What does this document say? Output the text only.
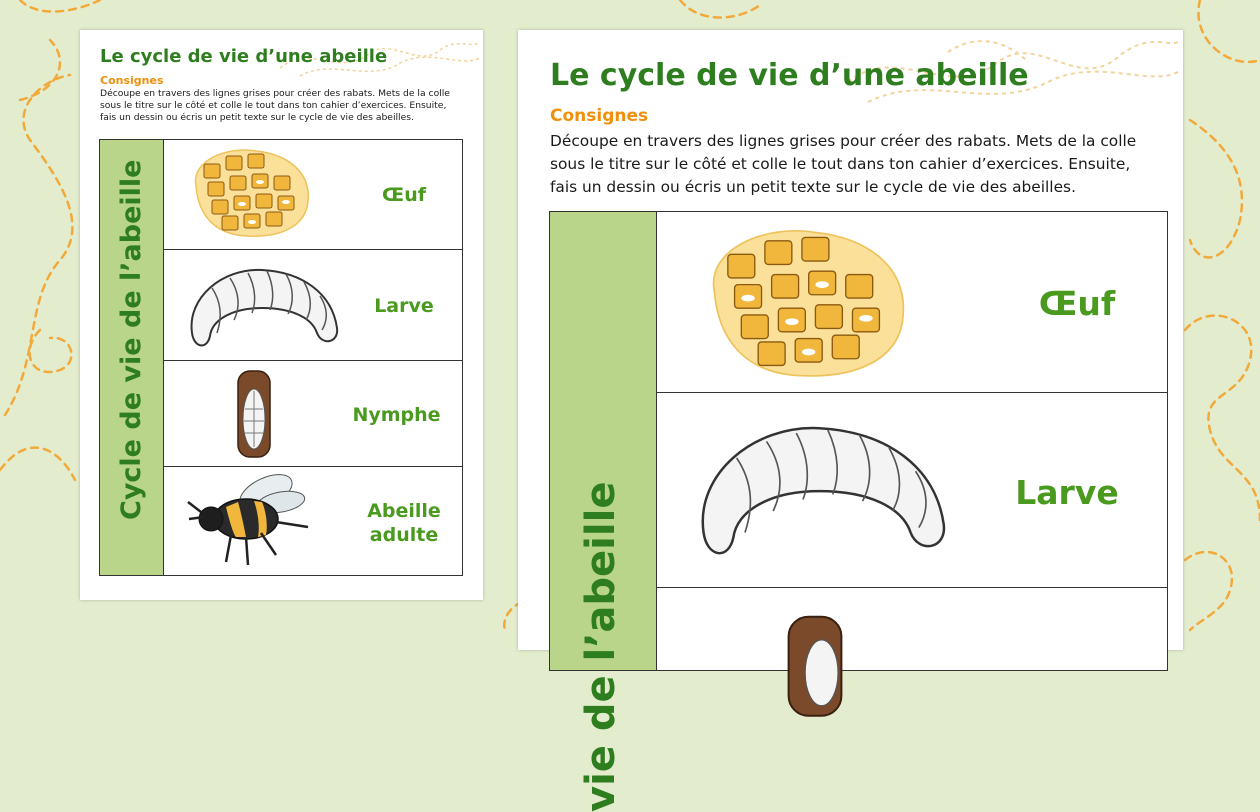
Le cycle de vie d’une abeille
Consignes
Découpe en travers des lignes grises pour créer des rabats. Mets de la colle
sous le titre sur le côté et colle le tout dans ton cahier d’exercices. Ensuite,
fais un dessin ou écris un petit texte sur le cycle de vie des abeilles.
Cycle de vie de l’abeille	Œuf
Larve
Nymphe
Abeille
adulte
Le cycle de vie d’une abeille
Consignes
Découpe en travers des lignes grises pour créer des rabats. Mets de la colle
sous le titre sur le côté et colle le tout dans ton cahier d’exercices. Ensuite,
fais un dessin ou écris un petit texte sur le cycle de vie des abeilles.
vie de l’abeille
Œuf
Larve
